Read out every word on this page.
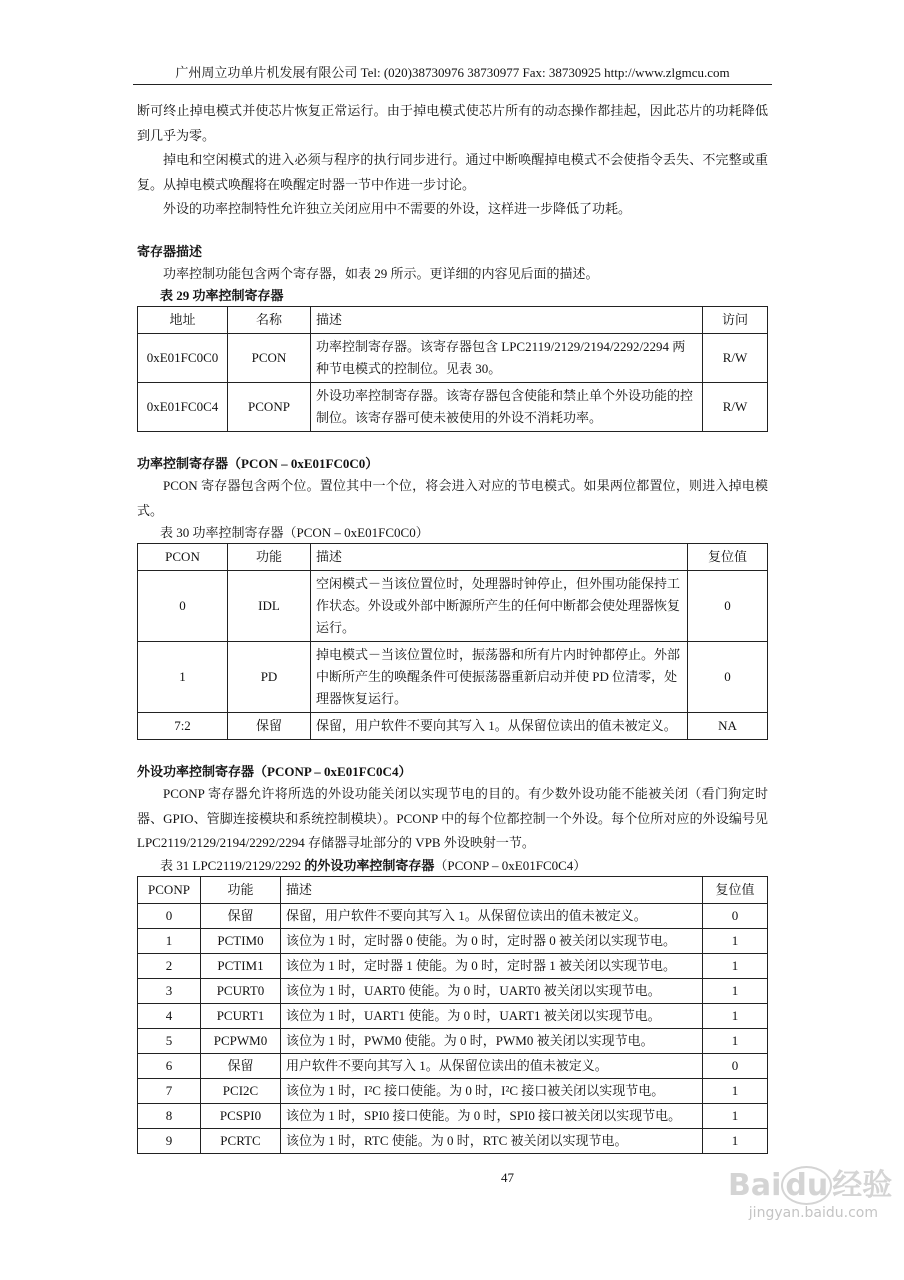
广州周立功单片机发展有限公司 Tel: (020)38730976 38730977 Fax: 38730925 http://www.zlgmcu.com
断可终止掉电模式并使芯片恢复正常运行。由于掉电模式使芯片所有的动态操作都挂起，因此芯片的功耗降低到几乎为零。
掉电和空闲模式的进入必须与程序的执行同步进行。通过中断唤醒掉电模式不会使指令丢失、不完整或重复。从掉电模式唤醒将在唤醒定时器一节中作进一步讨论。
外设的功率控制特性允许独立关闭应用中不需要的外设，这样进一步降低了功耗。
寄存器描述
功率控制功能包含两个寄存器，如表 29 所示。更详细的内容见后面的描述。
表 29 功率控制寄存器
地址	名称	描述	访问
0xE01FC0C0	PCON	功率控制寄存器。该寄存器包含 LPC2119/2129/2194/2292/2294 两种节电模式的控制位。见表 30。	R/W
0xE01FC0C4	PCONP	外设功率控制寄存器。该寄存器包含使能和禁止单个外设功能的控制位。该寄存器可使未被使用的外设不消耗功率。	R/W
功率控制寄存器（PCON – 0xE01FC0C0）
PCON 寄存器包含两个位。置位其中一个位，将会进入对应的节电模式。如果两位都置位，则进入掉电模式。
表 30 功率控制寄存器（PCON – 0xE01FC0C0）
PCON	功能	描述	复位值
0	IDL	空闲模式－当该位置位时，处理器时钟停止，但外围功能保持工作状态。外设或外部中断源所产生的任何中断都会使处理器恢复运行。	0
1	PD	掉电模式－当该位置位时，振荡器和所有片内时钟都停止。外部中断所产生的唤醒条件可使振荡器重新启动并使 PD 位清零，处理器恢复运行。	0
7:2	保留	保留，用户软件不要向其写入 1。从保留位读出的值未被定义。	NA
外设功率控制寄存器（PCONP – 0xE01FC0C4）
PCONP 寄存器允许将所选的外设功能关闭以实现节电的目的。有少数外设功能不能被关闭（看门狗定时器、GPIO、管脚连接模块和系统控制模块）。PCONP 中的每个位都控制一个外设。每个位所对应的外设编号见 LPC2119/2129/2194/2292/2294 存储器寻址部分的 VPB 外设映射一节。
表 31 LPC2119/2129/2292 的外设功率控制寄存器（PCONP – 0xE01FC0C4）
PCONP	功能	描述	复位值
0	保留	保留，用户软件不要向其写入 1。从保留位读出的值未被定义。	0
1	PCTIM0	该位为 1 时，定时器 0 使能。为 0 时，定时器 0 被关闭以实现节电。	1
2	PCTIM1	该位为 1 时，定时器 1 使能。为 0 时，定时器 1 被关闭以实现节电。	1
3	PCURT0	该位为 1 时，UART0 使能。为 0 时，UART0 被关闭以实现节电。	1
4	PCURT1	该位为 1 时，UART1 使能。为 0 时，UART1 被关闭以实现节电。	1
5	PCPWM0	该位为 1 时，PWM0 使能。为 0 时，PWM0 被关闭以实现节电。	1
6	保留	用户软件不要向其写入 1。从保留位读出的值未被定义。	0
7	PCI2C	该位为 1 时，I²C 接口使能。为 0 时，I²C 接口被关闭以实现节电。	1
8	PCSPI0	该位为 1 时，SPI0 接口使能。为 0 时，SPI0 接口被关闭以实现节电。	1
9	PCRTC	该位为 1 时，RTC 使能。为 0 时，RTC 被关闭以实现节电。	1
47	Bai du 经验
jingyan.baidu.com
